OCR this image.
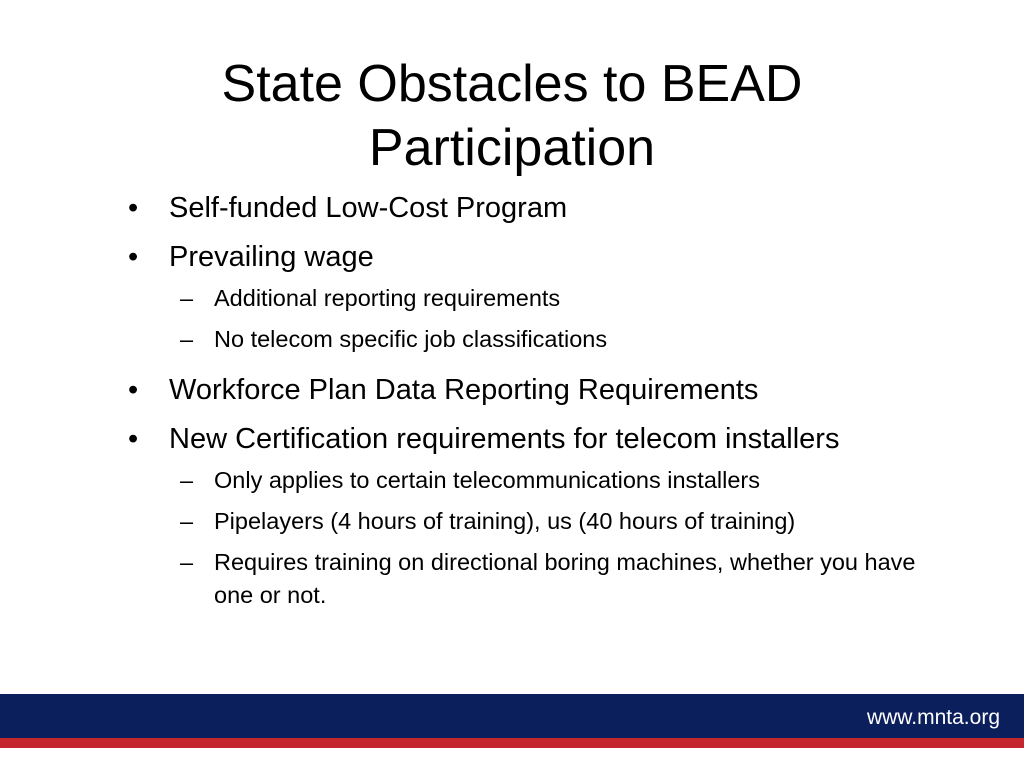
State Obstacles to BEAD
Participation
• Self-funded Low-Cost Program
• Prevailing wage
– Additional reporting requirements
– No telecom specific job classifications
• Workforce Plan Data Reporting Requirements
• New Certification requirements for telecom installers
– Only applies to certain telecommunications installers
– Pipelayers (4 hours of training), us (40 hours of training)
– Requires training on directional boring machines, whether you have one or not.
www.mnta.org
